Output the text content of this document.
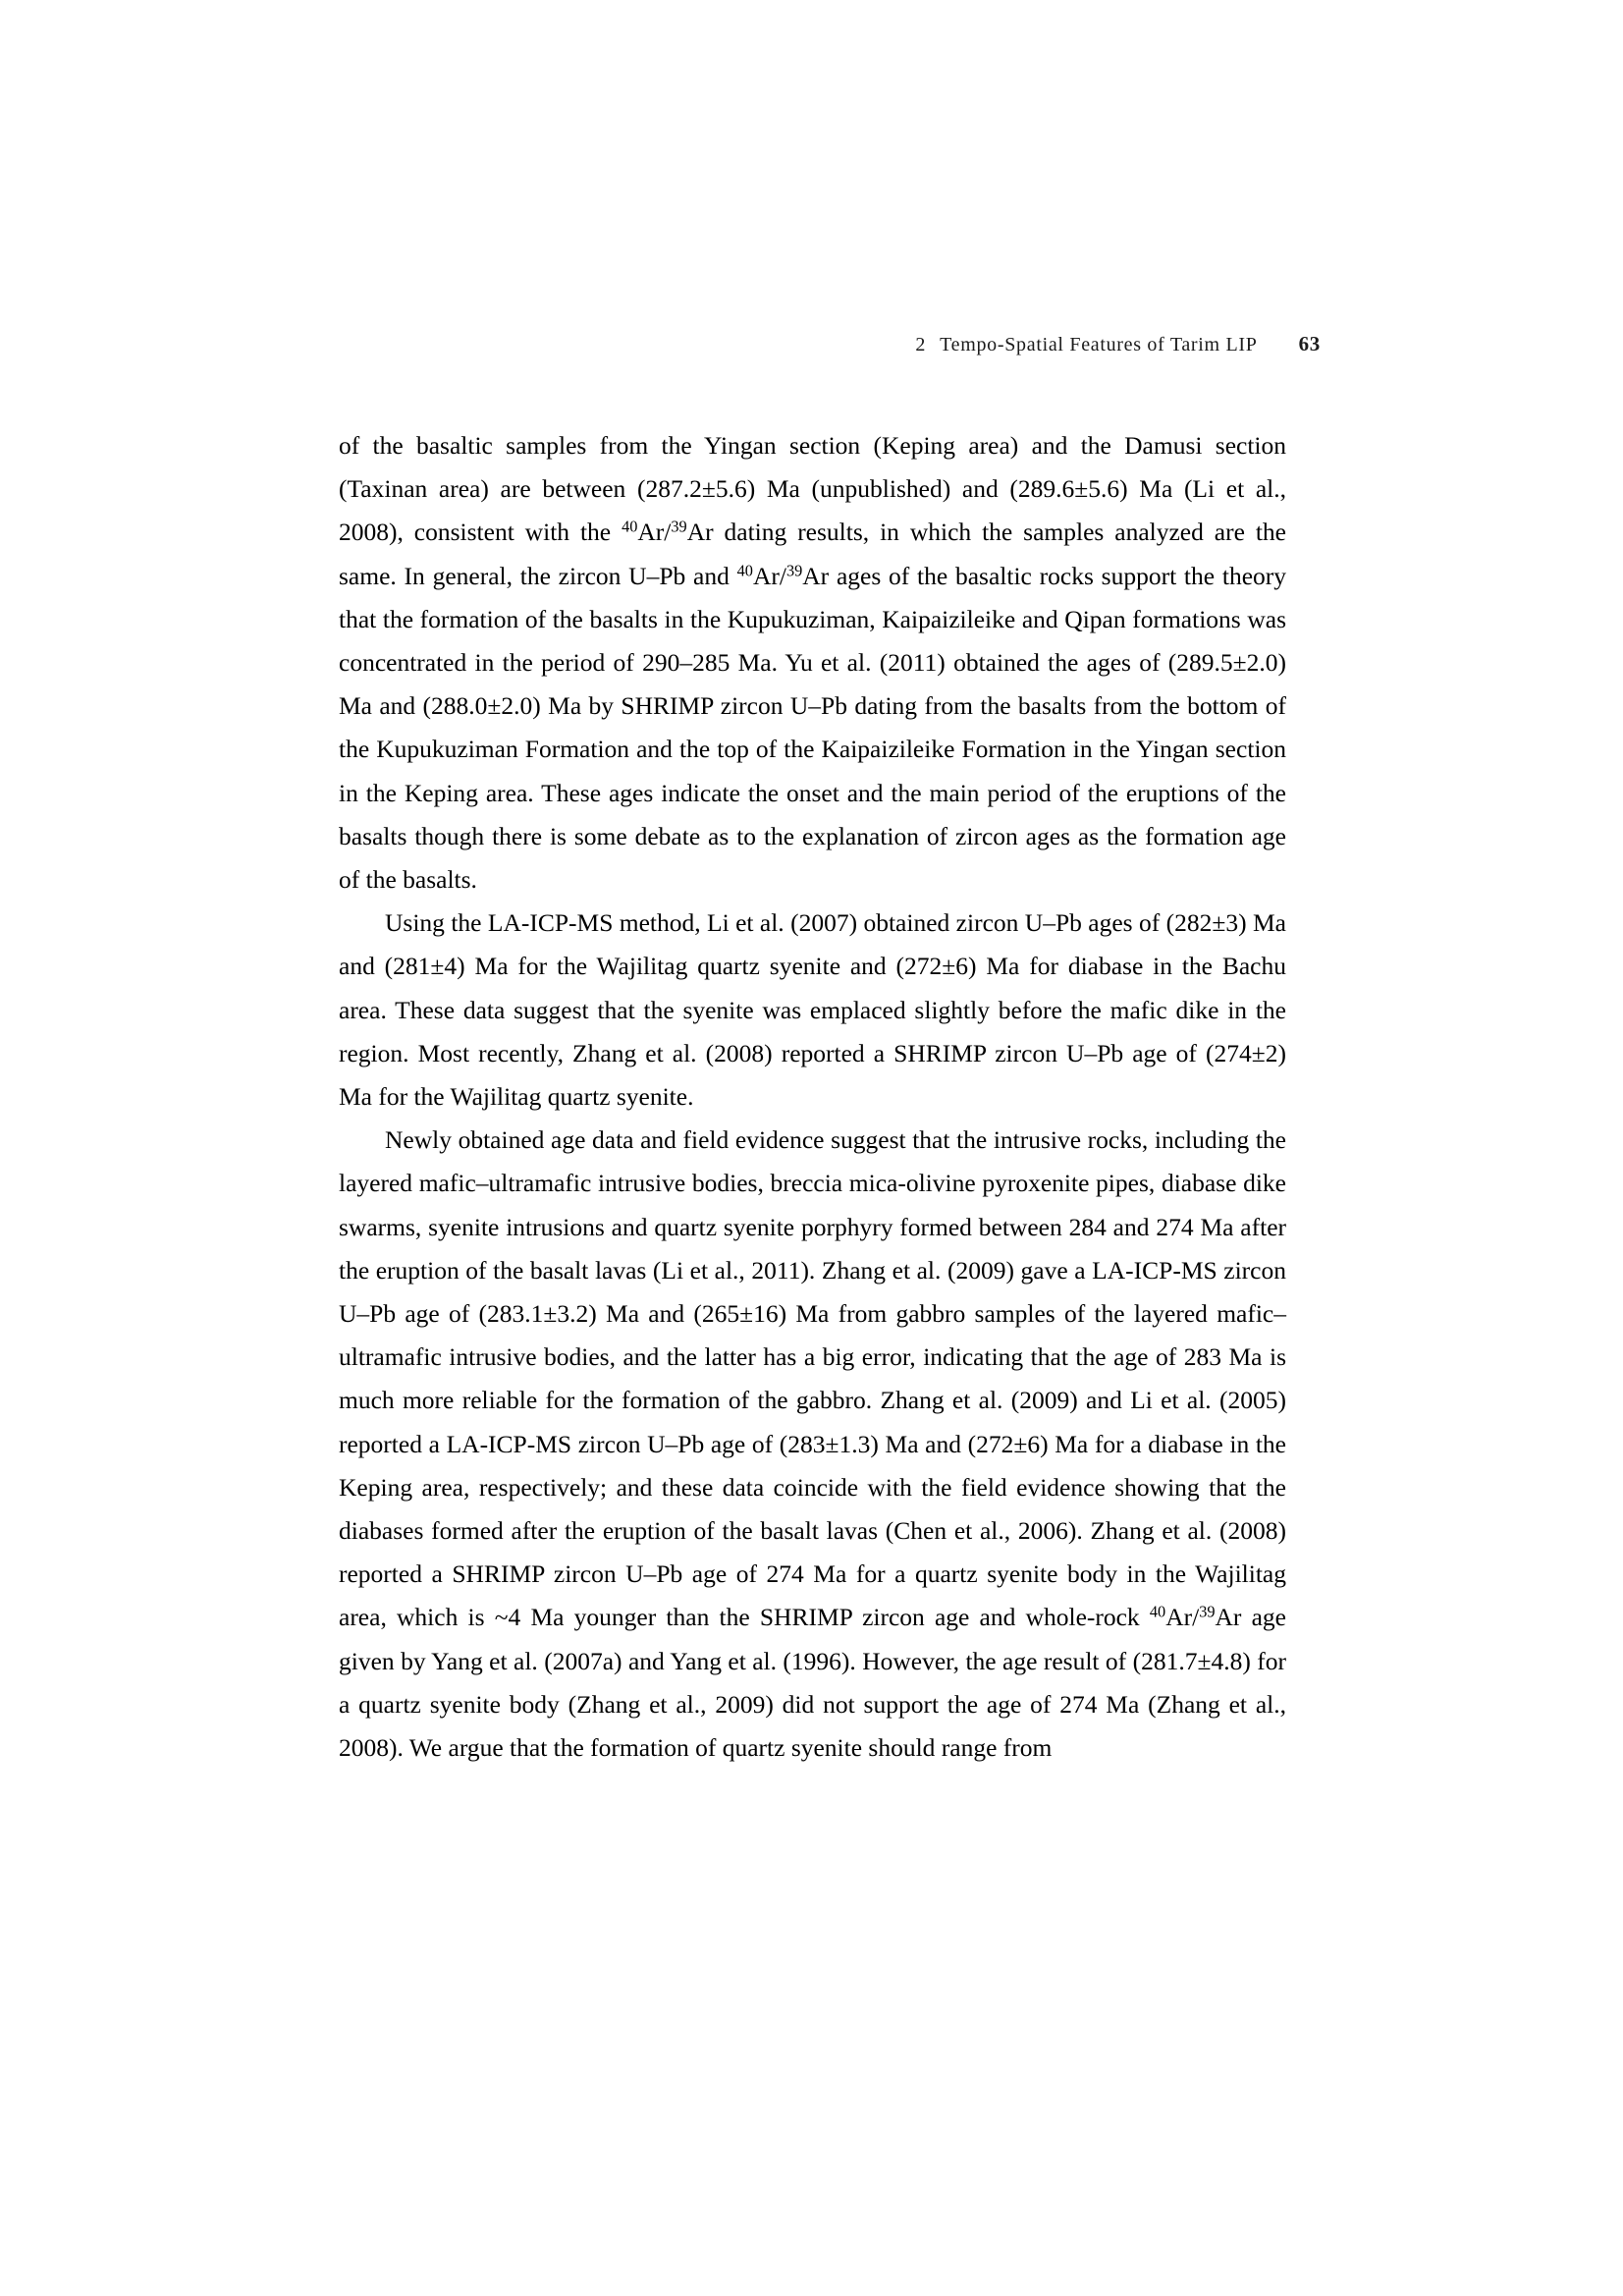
2 Tempo-Spatial Features of Tarim LIP 63

of the basaltic samples from the Yingan section (Keping area) and the Damusi section (Taxinan area) are between (287.2±5.6) Ma (unpublished) and (289.6±5.6) Ma (Li et al., 2008), consistent with the $^{40}$Ar/$^{39}$Ar dating results, in which the samples analyzed are the same. In general, the zircon U–Pb and $^{40}$Ar/$^{39}$Ar ages of the basaltic rocks support the theory that the formation of the basalts in the Kupukuziman, Kaipaizileike and Qipan formations was concentrated in the period of 290–285 Ma. Yu et al. (2011) obtained the ages of (289.5±2.0) Ma and (288.0±2.0) Ma by SHRIMP zircon U–Pb dating from the basalts from the bottom of the Kupukuziman Formation and the top of the Kaipaizileike Formation in the Yingan section in the Keping area. These ages indicate the onset and the main period of the eruptions of the basalts though there is some debate as to the explanation of zircon ages as the formation age of the basalts.

Using the LA-ICP-MS method, Li et al. (2007) obtained zircon U–Pb ages of (282±3) Ma and (281±4) Ma for the Wajilitag quartz syenite and (272±6) Ma for diabase in the Bachu area. These data suggest that the syenite was emplaced slightly before the mafic dike in the region. Most recently, Zhang et al. (2008) reported a SHRIMP zircon U–Pb age of (274±2) Ma for the Wajilitag quartz syenite.

Newly obtained age data and field evidence suggest that the intrusive rocks, including the layered mafic–ultramafic intrusive bodies, breccia mica-olivine pyroxenite pipes, diabase dike swarms, syenite intrusions and quartz syenite porphyry formed between 284 and 274 Ma after the eruption of the basalt lavas (Li et al., 2011). Zhang et al. (2009) gave a LA-ICP-MS zircon U–Pb age of (283.1±3.2) Ma and (265±16) Ma from gabbro samples of the layered mafic–ultramafic intrusive bodies, and the latter has a big error, indicating that the age of 283 Ma is much more reliable for the formation of the gabbro. Zhang et al. (2009) and Li et al. (2005) reported a LA-ICP-MS zircon U–Pb age of (283±1.3) Ma and (272±6) Ma for a diabase in the Keping area, respectively; and these data coincide with the field evidence showing that the diabases formed after the eruption of the basalt lavas (Chen et al., 2006). Zhang et al. (2008) reported a SHRIMP zircon U–Pb age of 274 Ma for a quartz syenite body in the Wajilitag area, which is ~4 Ma younger than the SHRIMP zircon age and whole-rock $^{40}$Ar/$^{39}$Ar age given by Yang et al. (2007a) and Yang et al. (1996). However, the age result of (281.7±4.8) for a quartz syenite body (Zhang et al., 2009) did not support the age of 274 Ma (Zhang et al., 2008). We argue that the formation of quartz syenite should range from
